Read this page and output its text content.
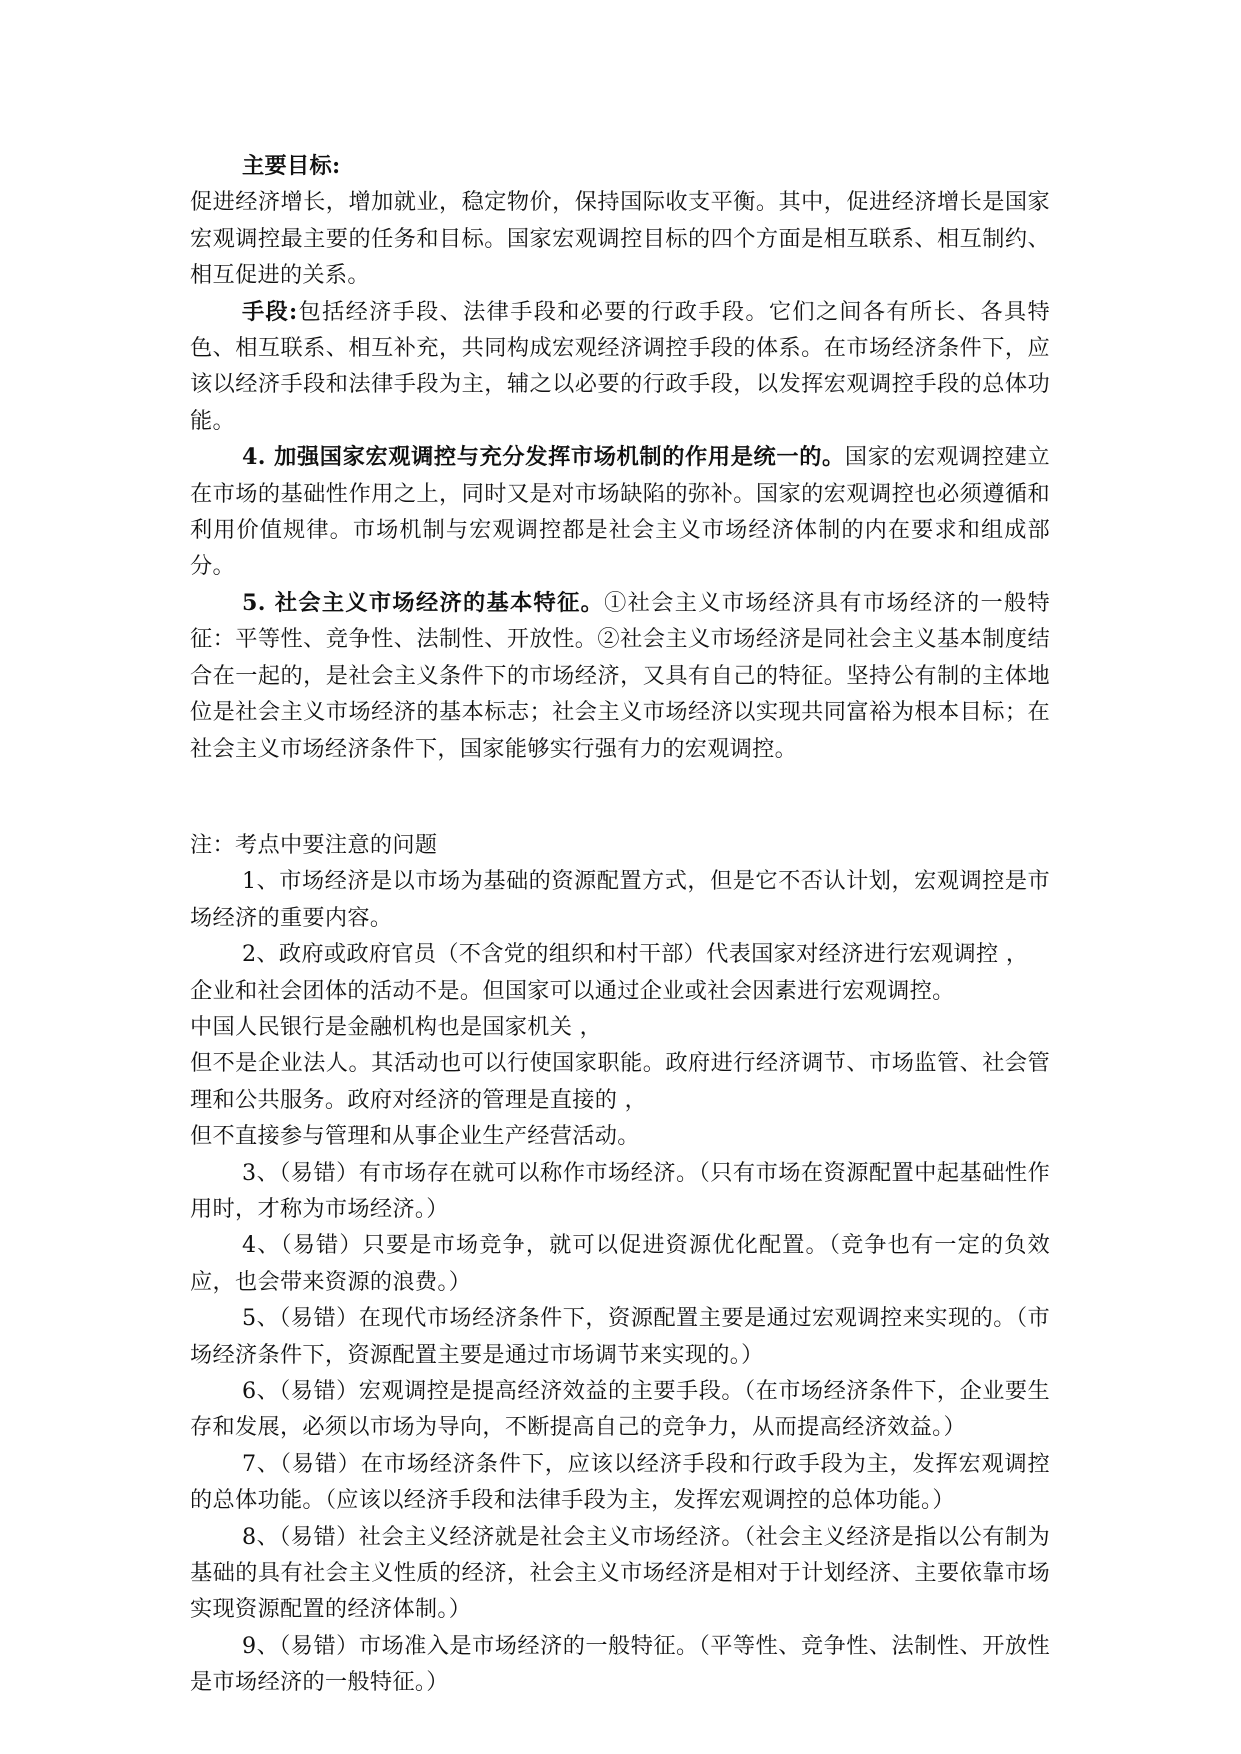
主要目标:

促进经济增长，增加就业，稳定物价，保持国际收支平衡。其中，促进经济增长是国家宏观调控最主要的任务和目标。国家宏观调控目标的四个方面是相互联系、相互制约、相互促进的关系。

手段:包括经济手段、法律手段和必要的行政手段。它们之间各有所长、各具特色、相互联系、相互补充，共同构成宏观经济调控手段的体系。在市场经济条件下，应该以经济手段和法律手段为主，辅之以必要的行政手段，以发挥宏观调控手段的总体功能。

4. 加强国家宏观调控与充分发挥市场机制的作用是统一的。国家的宏观调控建立在市场的基础性作用之上，同时又是对市场缺陷的弥补。国家的宏观调控也必须遵循和利用价值规律。市场机制与宏观调控都是社会主义市场经济体制的内在要求和组成部分。

5. 社会主义市场经济的基本特征。①社会主义市场经济具有市场经济的一般特征：平等性、竞争性、法制性、开放性。②社会主义市场经济是同社会主义基本制度结合在一起的，是社会主义条件下的市场经济，又具有自己的特征。坚持公有制的主体地位是社会主义市场经济的基本标志；社会主义市场经济以实现共同富裕为根本目标；在社会主义市场经济条件下，国家能够实行强有力的宏观调控。

注：考点中要注意的问题

1、市场经济是以市场为基础的资源配置方式，但是它不否认计划，宏观调控是市场经济的重要内容。

2、政府或政府官员（不含党的组织和村干部）代表国家对经济进行宏观调控 ，

企业和社会团体的活动不是。但国家可以通过企业或社会因素进行宏观调控。

中国人民银行是金融机构也是国家机关 ，

但不是企业法人。其活动也可以行使国家职能。政府进行经济调节、市场监管、社会管理和公共服务。政府对经济的管理是直接的 ，

但不直接参与管理和从事企业生产经营活动。

3、（易错）有市场存在就可以称作市场经济。（只有市场在资源配置中起基础性作用时，才称为市场经济。）

4、（易错）只要是市场竞争，就可以促进资源优化配置。（竞争也有一定的负效应，也会带来资源的浪费。）

5、（易错）在现代市场经济条件下，资源配置主要是通过宏观调控来实现的。（市场经济条件下，资源配置主要是通过市场调节来实现的。）

6、（易错）宏观调控是提高经济效益的主要手段。（在市场经济条件下，企业要生存和发展，必须以市场为导向，不断提高自己的竞争力，从而提高经济效益。）

7、（易错）在市场经济条件下，应该以经济手段和行政手段为主，发挥宏观调控的总体功能。（应该以经济手段和法律手段为主，发挥宏观调控的总体功能。）

8、（易错）社会主义经济就是社会主义市场经济。（社会主义经济是指以公有制为基础的具有社会主义性质的经济，社会主义市场经济是相对于计划经济、主要依靠市场实现资源配置的经济体制。）

9、（易错）市场准入是市场经济的一般特征。（平等性、竞争性、法制性、开放性是市场经济的一般特征。）
